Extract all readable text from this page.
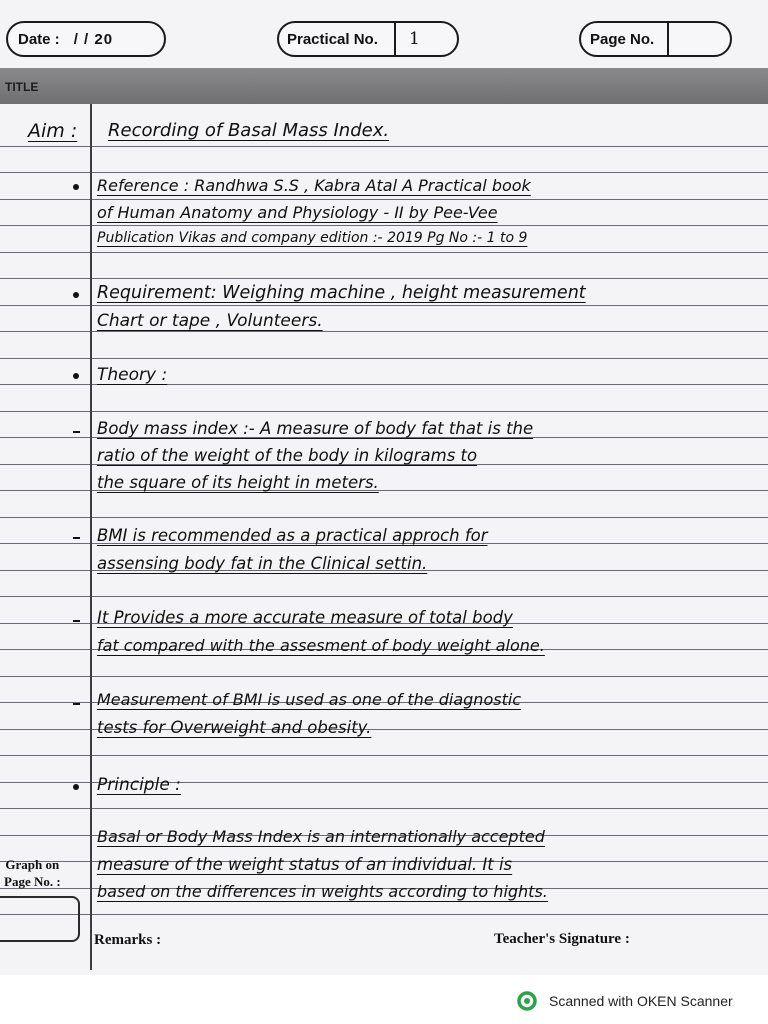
Date : / / 20	Practical No. 1	Page No.
TITLE
Aim : Recording of Basal Mass Index.
Reference : Randhwa S.S , Kabra Atal A Practical book
of Human Anatomy and Physiology - II by Pee-Vee
Publication Vikas and company edition :- 2019 Pg No :- 1 to 9
Requirement: Weighing machine , height measurement
Chart or tape , Volunteers.
Theory :
Body mass index :- A measure of body fat that is the
ratio of the weight of the body in kilograms to
the square of its height in meters.
BMI is recommended as a practical approch for
assensing body fat in the Clinical settin.
It Provides a more accurate measure of total body
fat compared with the assesment of body weight alone.
Measurement of BMI is used as one of the diagnostic
tests for Overweight and obesity.
Principle :
Basal or Body Mass Index is an internationally accepted
measure of the weight status of an individual. It is
based on the differences in weights according to hights.
Graph on
Page No. :
Remarks :	Teacher's Signature :
Scanned with OKEN Scanner
